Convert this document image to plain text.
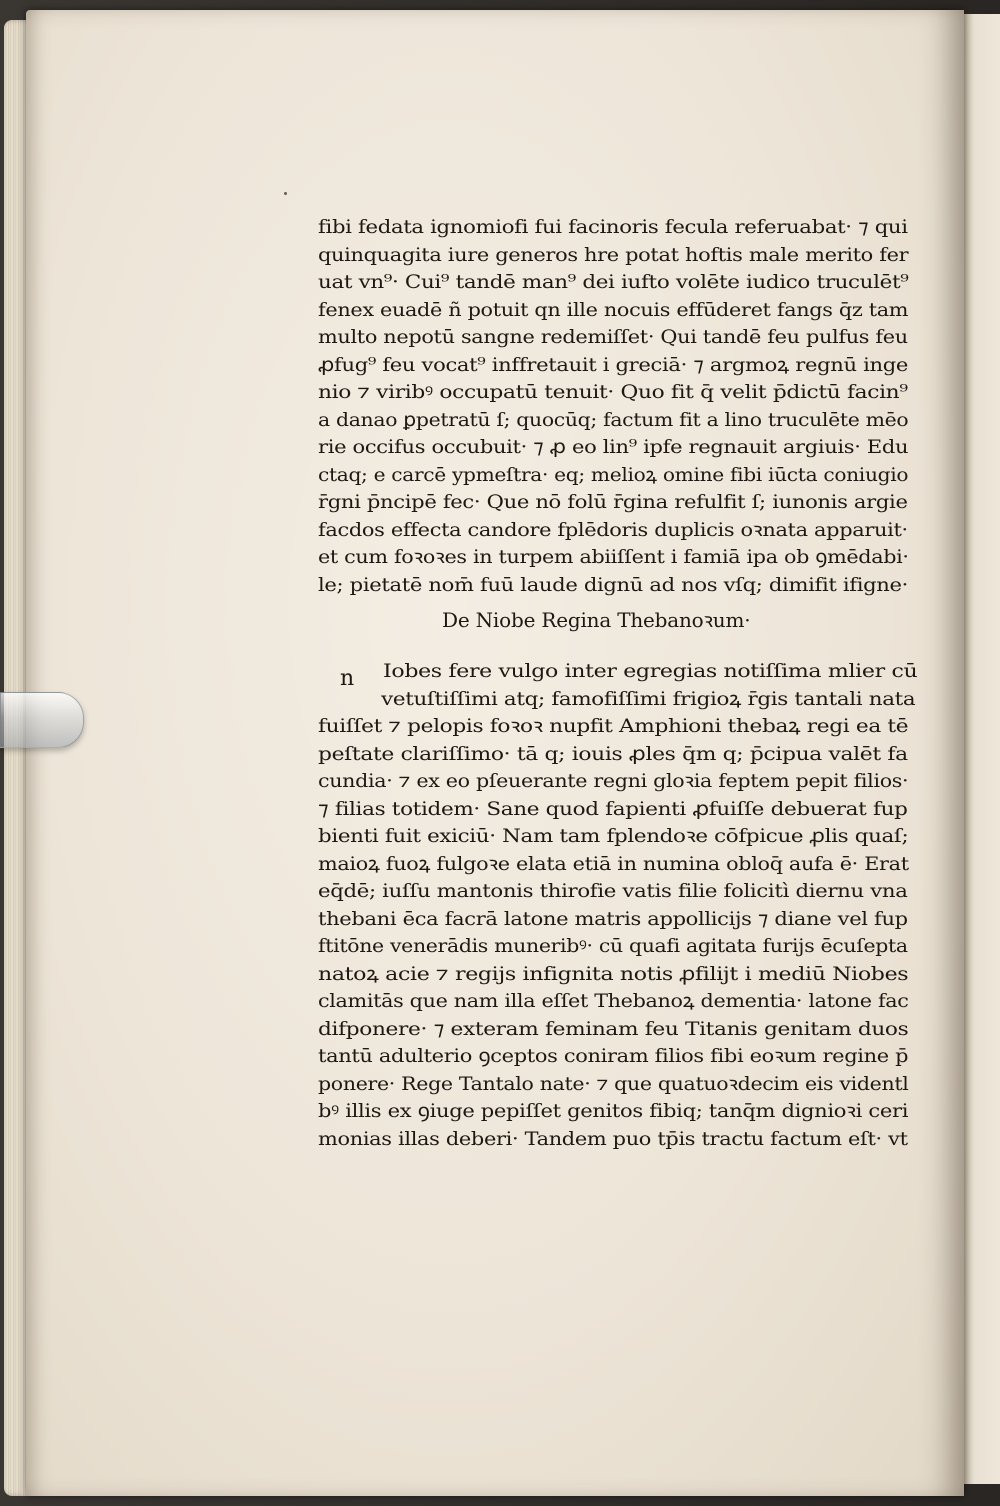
fibi fedata ignomiofi fui facinoris fecula referuabat· ⁊ qui
quinquagita iure generos hre potat hoftis male merito fer
uat vn⁹· Cui⁹ tandē man⁹ dei iufto volēte iudico truculēt⁹
fenex euadē ñ potuit qn ille nocuis effūderet fangs q̄z tam
multo nepotū sangne redemiſſet· Qui tandē feu pulfus feu
ꝓfug⁹ feu vocat⁹ inffretauit i greciā· ⁊ argmoꝝ regnū inge
nio ⁊ viribꝰ occupatū tenuit· Quo fit q̄ velit p̄dictū facin⁹
a danao ꝑpetratū ſ; quocūq; factum fit a lino truculēte mēo
rie occifus occubuit· ⁊ ꝓ eo lin⁹ ipfe regnauit argiuis· Edu
ctaq; e carcē ypmeſtra· eq; melioꝝ omine fibi iūcta coniugio
r̄gni p̄ncipē fec· Que nō folū r̄gina refulfit ſ; iunonis argie
facdos effecta candore fplēdoris duplicis oꝛnata apparuit·
et cum foꝛoꝛes in turpem abiiſſent i famiā ipa ob ꝯmēdabi·
le; pietatē nom̄ fuū laude dignū ad nos vſq; dimifit ifigne·
De Niobe Regina Thebanoꝛum·
n	Iobes fere vulgo inter egregias notiſſima mlier cū
vetuſtiſſimi atq; famofiſſimi frigioꝝ r̄gis tantali nata
fuiſſet ⁊ pelopis foꝛoꝛ nupfit Amphioni thebaꝝ regi ea tē
peſtate clariſſimo· tā q; iouis ꝓles q̄m q; p̄cipua valēt fa
cundia· ⁊ ex eo pſeuerante regni gloꝛia feptem pepit filios·
⁊ filias totidem· Sane quod fapienti ꝓfuiſſe debuerat fup
bienti fuit exiciū· Nam tam fplendoꝛe cōfpicue ꝓlis quaſ;
maioꝝ fuoꝝ fulgoꝛe elata etiā in numina obloq̄ aufa ē· Erat
eq̄dē; iuſſu mantonis thirofie vatis filie folicitì diernu vna
thebani ēca facrā latone matris appollicijs ⁊ diane vel fup
ftitōne venerādis muneribꝰ· cū quafi agitata furijs ēcuſepta
natoꝝ acie ⁊ regijs infignita notis ꝓfilijt i mediū Niobes
clamitās que nam illa eſſet Thebanoꝝ dementia· latone fac
difponere· ⁊ exteram feminam feu Titanis genitam duos
tantū adulterio ꝯceptos coniram filios fibi eoꝛum regine p̄
ponere· Rege Tantalo nate· ⁊ que quatuoꝛdecim eis videntl
bꝰ illis ex ꝯiuge pepiſſet genitos fibiq; tanq̄m dignioꝛi ceri
monias illas deberi· Tandem puo tp̄is tractu factum eſt· vt
